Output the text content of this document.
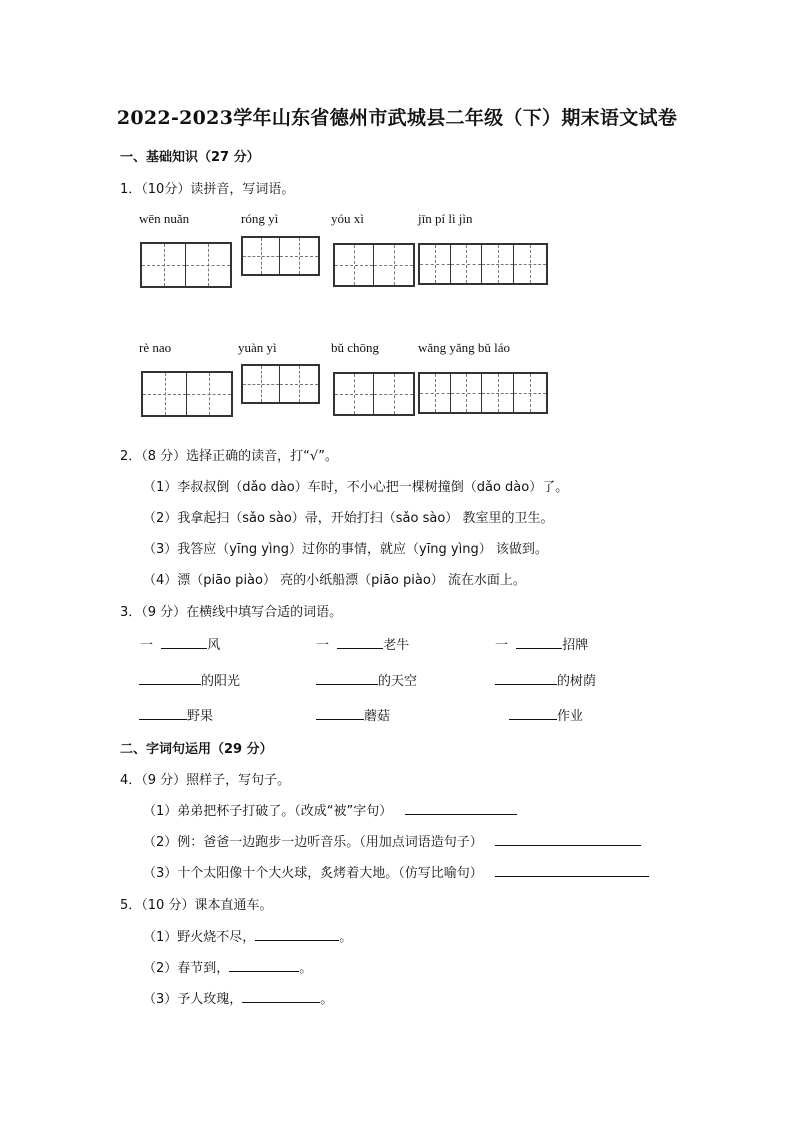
2022-2023学年山东省德州市武城县二年级（下）期末语文试卷
一、基础知识（27 分）
1．（10分）读拼音，写词语。
wēn nuǎn	róng yì	yóu xì	jīn pí lì jìn
rè nao	yuàn yì	bǔ chōng	wǎng yǎng bǔ láo
2．（8 分）选择正确的读音，打“√”。
（1）李叔叔倒（dǎo dào）车时，不小心把一棵树撞倒（dǎo dào）了。
（2）我拿起扫（sǎo sào）帚，开始打扫（sǎo sào） 教室里的卫生。
（3）我答应（yīng yìng）过你的事情，就应（yīng yìng） 该做到。
（4）漂（piāo piào） 亮的小纸船漂（piāo piào） 流在水面上。
3．（9 分）在横线中填写合适的词语。
一	风	一	老牛	一	招牌
的阳光	的天空	的树荫
野果	蘑菇	作业
二、字词句运用（29 分）
4．（9 分）照样子，写句子。
（1）弟弟把杯子打破了。（改成“被”字句）
（2）例：爸爸一边跑步一边听音乐。（用加点词语造句子）
（3）十个太阳像十个大火球，炙烤着大地。（仿写比喻句）
5．（10 分）课本直通车。
（1）野火烧不尽，	。
（2）春节到，	。
（3）予人玫瑰，	。
